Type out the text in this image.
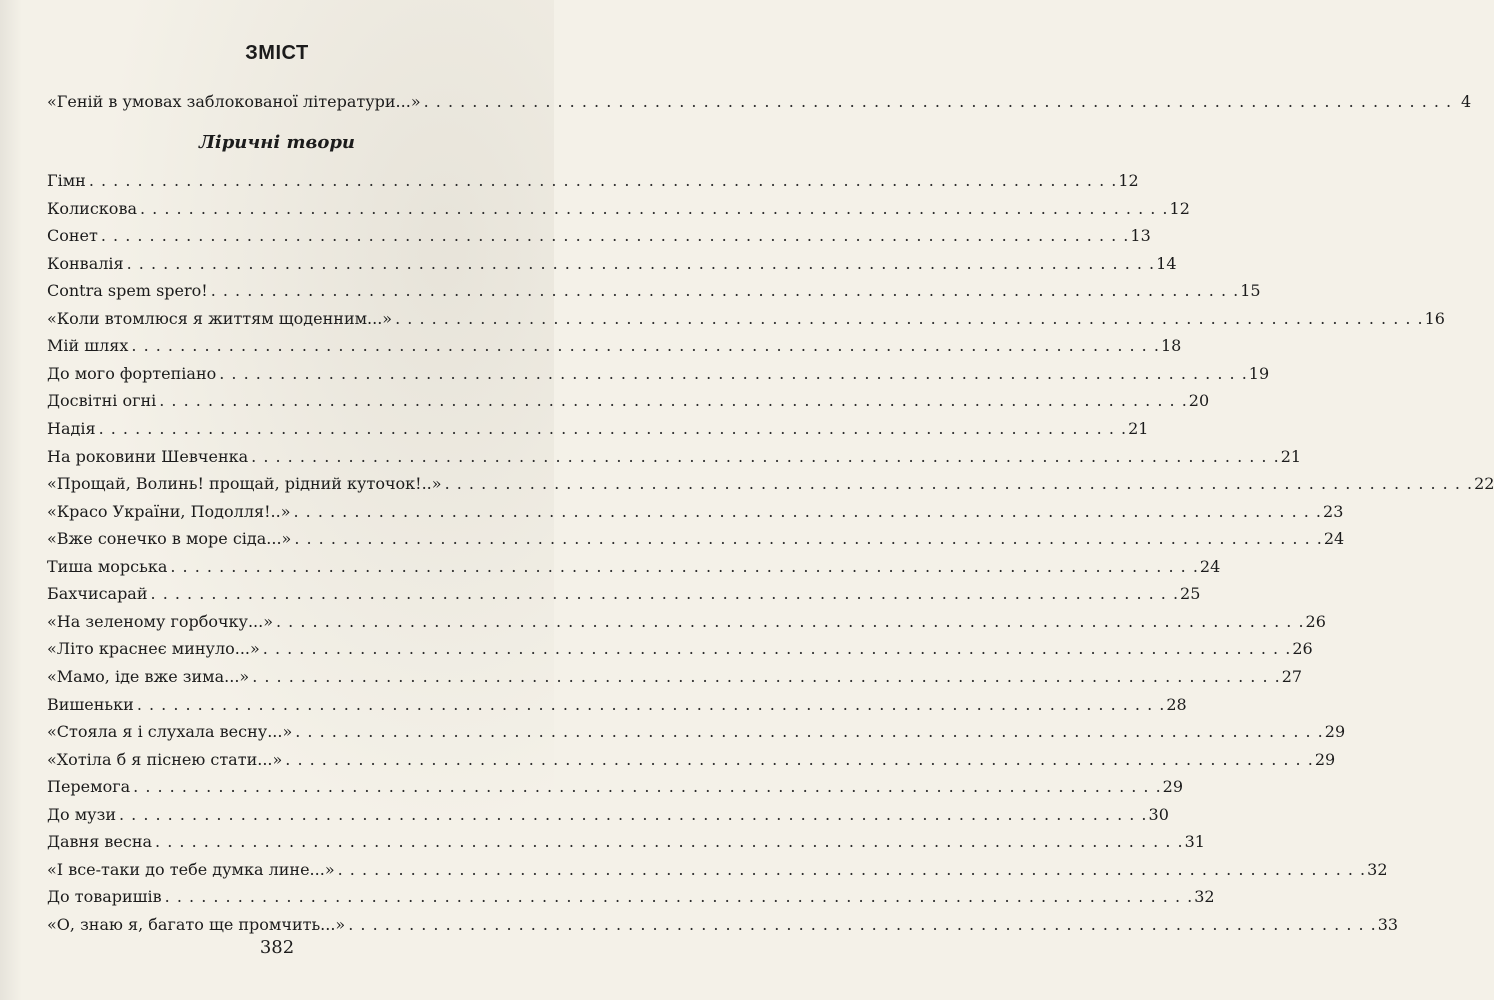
ЗМІСТ
«Геній в умовах заблокованої літератури...» . . .	4
Ліричні твори
Гімн . . .	12
Колискова . . .	12
Сонет . . .	13
Конвалія . . .	14
Contra spem spero! . . .	15
«Коли втомлюся я життям щоденним...» . . .	16
Мій шлях . . .	18
До мого фортепіано . . .	19
Досвітні огні . . .	20
Надія . . .	21
На роковини Шевченка . . .	21
«Прощай, Волинь! прощай, рідний куточок!..» . . .	22
«Красо України, Подолля!..» . . .	23
«Вже сонечко в море сіда...» . . .	24
Тиша морська . . .	24
Бахчисарай . . .	25
«На зеленому горбочку...» . . .	26
«Літо краснеє минуло...» . . .	26
«Мамо, іде вже зима...» . . .	27
Вишеньки . . .	28
«Стояла я і слухала весну...» . . .	29
«Хотіла б я піснею стати...» . . .	29
Перемога . . .	29
До музи . . .	30
Давня весна . . .	31
«І все-таки до тебе думка лине...» . . .	32
До товаришів . . .	32
«О, знаю я, багато ще промчить...» . . .	33
382
